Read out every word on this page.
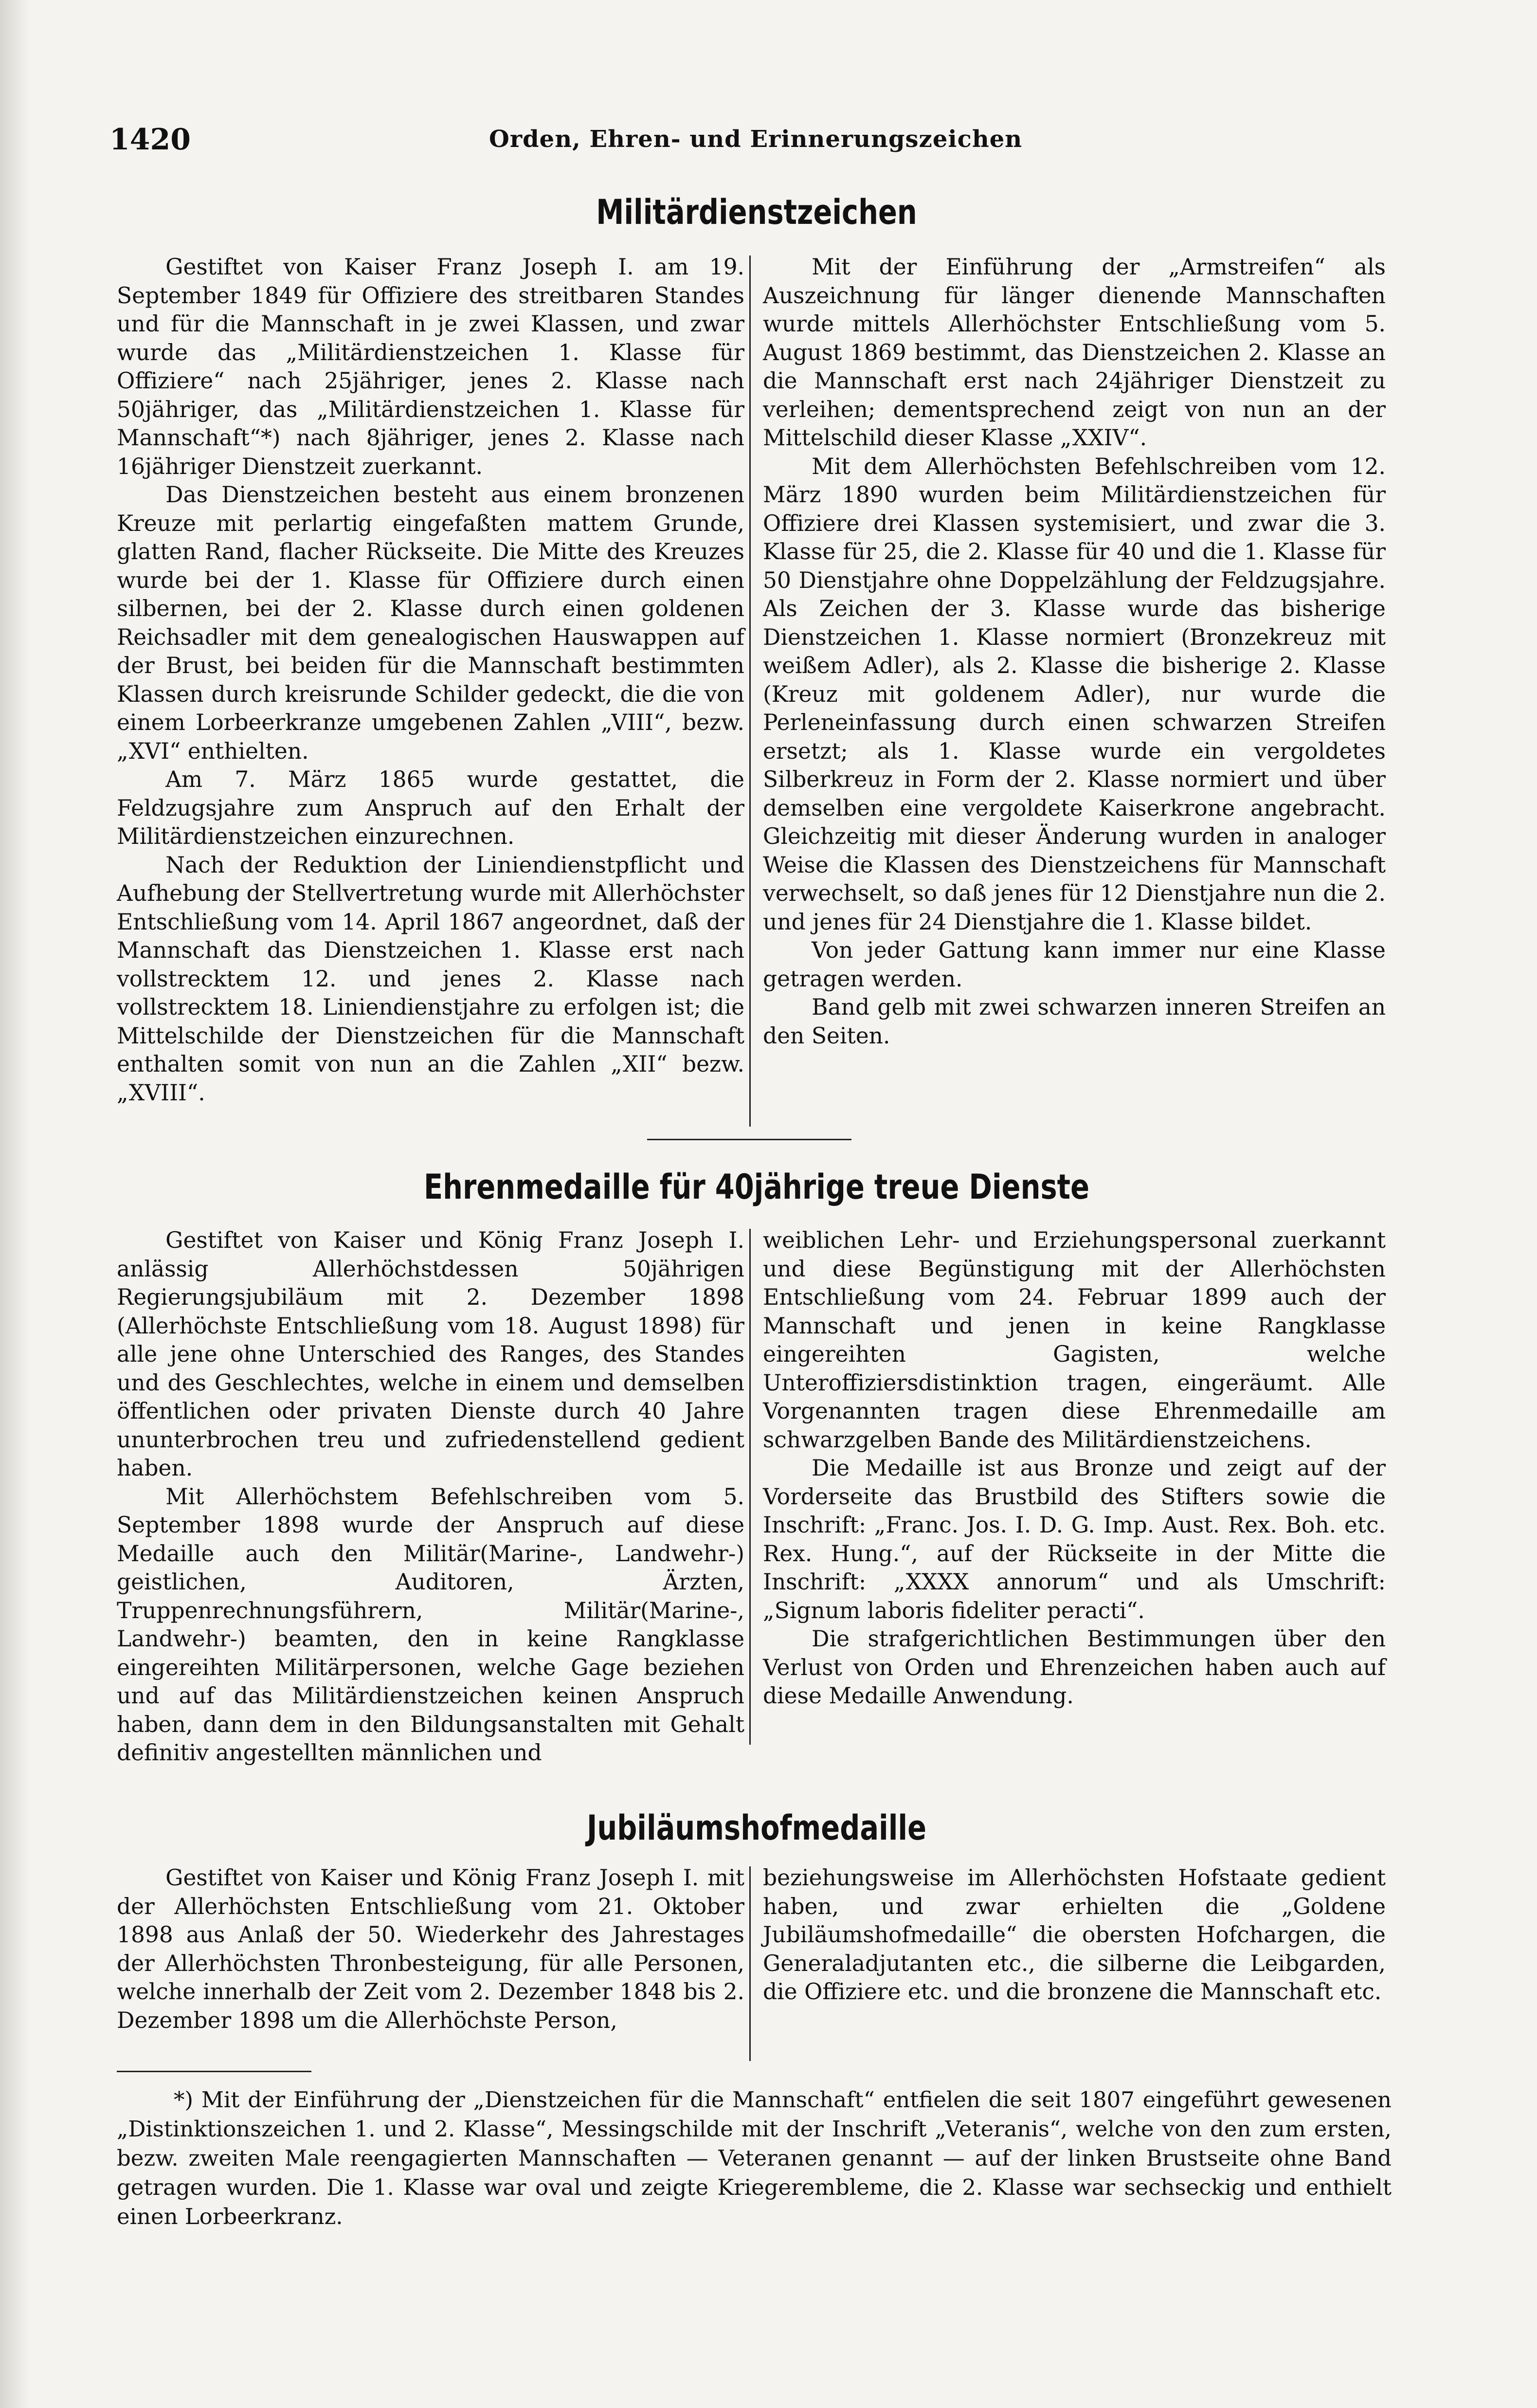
1420	Orden, Ehren- und Erinnerungszeichen
Militärdienstzeichen

Gestiftet von Kaiser Franz Joseph I. am 19. September 1849 für Offiziere des streitbaren Standes und für die Mannschaft in je zwei Klassen, und zwar wurde das „Militärdienstzeichen 1. Klasse für Offiziere“ nach 25jähriger, jenes 2. Klasse nach 50jähriger, das „Militärdienstzeichen 1. Klasse für Mannschaft“*) nach 8jähriger, jenes 2. Klasse nach 16jähriger Dienstzeit zuerkannt.

Das Dienstzeichen besteht aus einem bronzenen Kreuze mit perlartig eingefaßten mattem Grunde, glatten Rand, flacher Rückseite. Die Mitte des Kreuzes wurde bei der 1. Klasse für Offiziere durch einen silbernen, bei der 2. Klasse durch einen goldenen Reichsadler mit dem genealogischen Hauswappen auf der Brust, bei beiden für die Mannschaft bestimmten Klassen durch kreisrunde Schilder gedeckt, die die von einem Lorbeerkranze umgebenen Zahlen „VIII“, bezw. „XVI“ enthielten.

Am 7. März 1865 wurde gestattet, die Feldzugsjahre zum Anspruch auf den Erhalt der Militärdienstzeichen einzurechnen.

Nach der Reduktion der Liniendienstpflicht und Aufhebung der Stellvertretung wurde mit Allerhöchster Entschließung vom 14. April 1867 angeordnet, daß der Mannschaft das Dienstzeichen 1. Klasse erst nach vollstrecktem 12. und jenes 2. Klasse nach vollstrecktem 18. Liniendienstjahre zu erfolgen ist; die Mittelschilde der Dienstzeichen für die Mannschaft enthalten somit von nun an die Zahlen „XII“ bezw. „XVIII“.

Mit der Einführung der „Armstreifen“ als Auszeichnung für länger dienende Mannschaften wurde mittels Allerhöchster Entschließung vom 5. August 1869 bestimmt, das Dienstzeichen 2. Klasse an die Mannschaft erst nach 24jähriger Dienstzeit zu verleihen; dementsprechend zeigt von nun an der Mittelschild dieser Klasse „XXIV“.

Mit dem Allerhöchsten Befehlschreiben vom 12. März 1890 wurden beim Militärdienstzeichen für Offiziere drei Klassen systemisiert, und zwar die 3. Klasse für 25, die 2. Klasse für 40 und die 1. Klasse für 50 Dienstjahre ohne Doppelzählung der Feldzugsjahre. Als Zeichen der 3. Klasse wurde das bisherige Dienstzeichen 1. Klasse normiert (Bronzekreuz mit weißem Adler), als 2. Klasse die bisherige 2. Klasse (Kreuz mit goldenem Adler), nur wurde die Perleneinfassung durch einen schwarzen Streifen ersetzt; als 1. Klasse wurde ein vergoldetes Silberkreuz in Form der 2. Klasse normiert und über demselben eine vergoldete Kaiserkrone angebracht. Gleichzeitig mit dieser Änderung wurden in analoger Weise die Klassen des Dienstzeichens für Mannschaft verwechselt, so daß jenes für 12 Dienstjahre nun die 2. und jenes für 24 Dienstjahre die 1. Klasse bildet.

Von jeder Gattung kann immer nur eine Klasse getragen werden.

Band gelb mit zwei schwarzen inneren Streifen an den Seiten.

Ehrenmedaille für 40jährige treue Dienste

Gestiftet von Kaiser und König Franz Joseph I. anlässig Allerhöchstdessen 50jährigen Regierungsjubiläum mit 2. Dezember 1898 (Allerhöchste Entschließung vom 18. August 1898) für alle jene ohne Unterschied des Ranges, des Standes und des Geschlechtes, welche in einem und demselben öffentlichen oder privaten Dienste durch 40 Jahre ununterbrochen treu und zufriedenstellend gedient haben.

Mit Allerhöchstem Befehlschreiben vom 5. September 1898 wurde der Anspruch auf diese Medaille auch den Militär(Marine-, Landwehr-) geistlichen, Auditoren, Ärzten, Truppenrechnungsführern, Militär(Marine-, Landwehr-) beamten, den in keine Rangklasse eingereihten Militärpersonen, welche Gage beziehen und auf das Militärdienstzeichen keinen Anspruch haben, dann dem in den Bildungsanstalten mit Gehalt definitiv angestellten männlichen und

weiblichen Lehr- und Erziehungspersonal zuerkannt und diese Begünstigung mit der Allerhöchsten Entschließung vom 24. Februar 1899 auch der Mannschaft und jenen in keine Rangklasse eingereihten Gagisten, welche Unteroffiziersdistinktion tragen, eingeräumt. Alle Vorgenannten tragen diese Ehrenmedaille am schwarzgelben Bande des Militärdienstzeichens.

Die Medaille ist aus Bronze und zeigt auf der Vorderseite das Brustbild des Stifters sowie die Inschrift: „Franc. Jos. I. D. G. Imp. Aust. Rex. Boh. etc. Rex. Hung.“, auf der Rückseite in der Mitte die Inschrift: „XXXX annorum“ und als Umschrift: „Signum laboris fideliter peracti“.

Die strafgerichtlichen Bestimmungen über den Verlust von Orden und Ehrenzeichen haben auch auf diese Medaille Anwendung.

Jubiläumshofmedaille

Gestiftet von Kaiser und König Franz Joseph I. mit der Allerhöchsten Entschließung vom 21. Oktober 1898 aus Anlaß der 50. Wiederkehr des Jahrestages der Allerhöchsten Thronbesteigung, für alle Personen, welche innerhalb der Zeit vom 2. Dezember 1848 bis 2. Dezember 1898 um die Allerhöchste Person,

beziehungsweise im Allerhöchsten Hofstaate gedient haben, und zwar erhielten die „Goldene Jubiläumshofmedaille“ die obersten Hofchargen, die Generaladjutanten etc., die silberne die Leibgarden, die Offiziere etc. und die bronzene die Mannschaft etc.

*) Mit der Einführung der „Dienstzeichen für die Mannschaft“ entfielen die seit 1807 eingeführt gewesenen „Distinktionszeichen 1. und 2. Klasse“, Messingschilde mit der Inschrift „Veteranis“, welche von den zum ersten, bezw. zweiten Male reengagierten Mannschaften — Veteranen genannt — auf der linken Brustseite ohne Band getragen wurden. Die 1. Klasse war oval und zeigte Kriegerembleme, die 2. Klasse war sechseckig und enthielt einen Lorbeerkranz.
